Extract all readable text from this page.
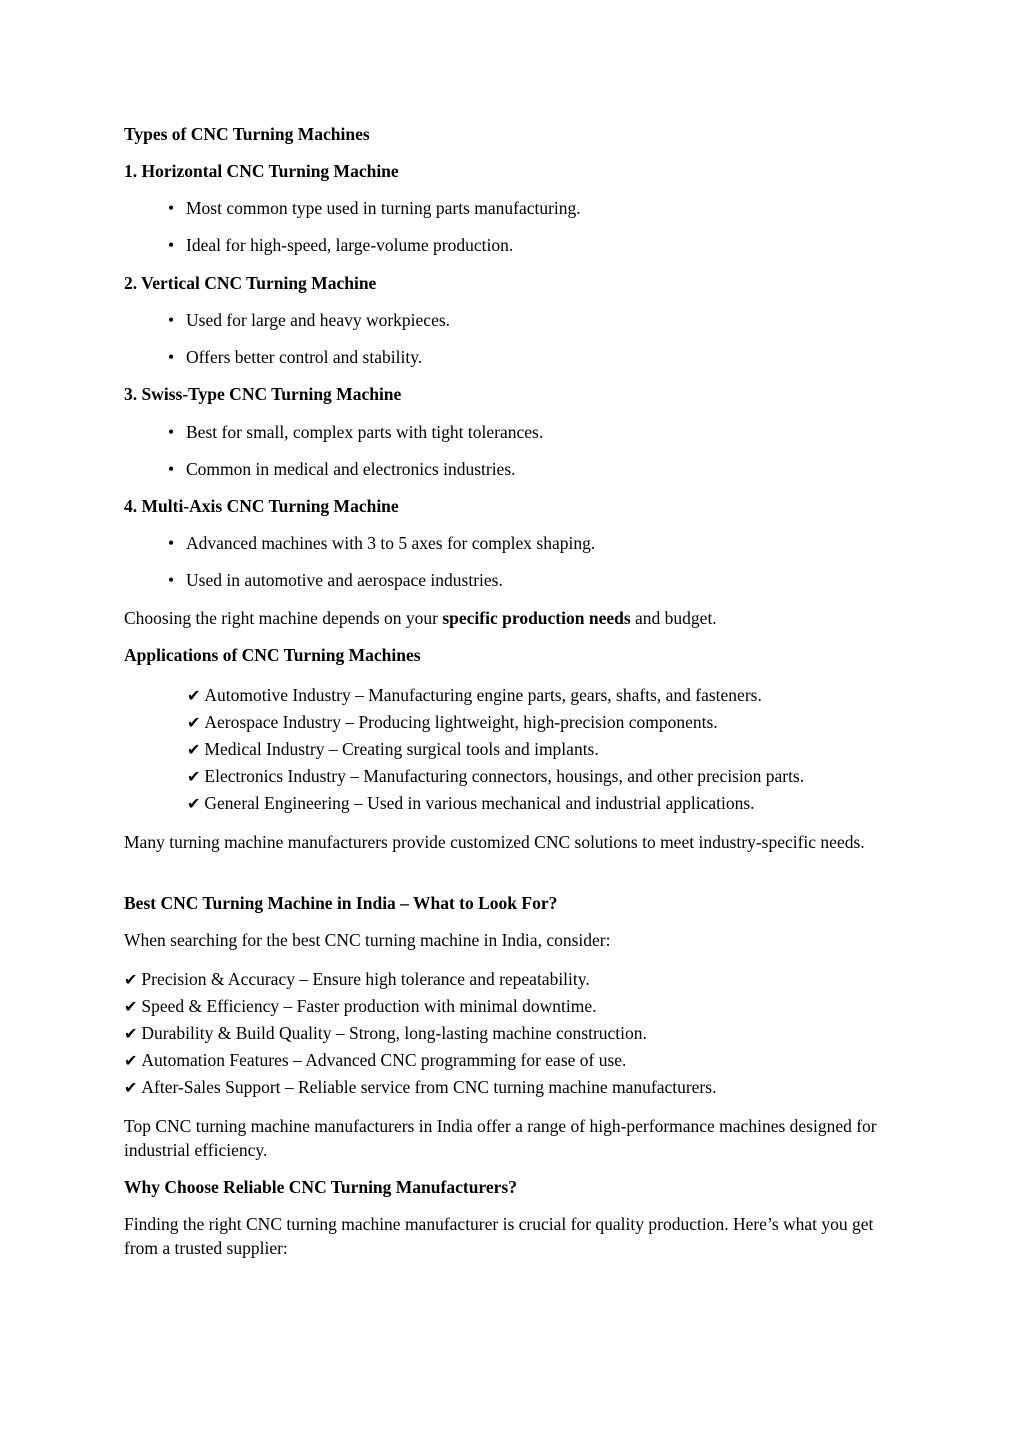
Types of CNC Turning Machines
1. Horizontal CNC Turning Machine
• Most common type used in turning parts manufacturing.
• Ideal for high-speed, large-volume production.
2. Vertical CNC Turning Machine
• Used for large and heavy workpieces.
• Offers better control and stability.
3. Swiss-Type CNC Turning Machine
• Best for small, complex parts with tight tolerances.
• Common in medical and electronics industries.
4. Multi-Axis CNC Turning Machine
• Advanced machines with 3 to 5 axes for complex shaping.
• Used in automotive and aerospace industries.
Choosing the right machine depends on your specific production needs and budget.
Applications of CNC Turning Machines
✔ Automotive Industry – Manufacturing engine parts, gears, shafts, and fasteners.
✔ Aerospace Industry – Producing lightweight, high-precision components.
✔ Medical Industry – Creating surgical tools and implants.
✔ Electronics Industry – Manufacturing connectors, housings, and other precision parts.
✔ General Engineering – Used in various mechanical and industrial applications.
Many turning machine manufacturers provide customized CNC solutions to meet industry-specific needs.
Best CNC Turning Machine in India – What to Look For?
When searching for the best CNC turning machine in India, consider:
✔ Precision & Accuracy – Ensure high tolerance and repeatability.
✔ Speed & Efficiency – Faster production with minimal downtime.
✔ Durability & Build Quality – Strong, long-lasting machine construction.
✔ Automation Features – Advanced CNC programming for ease of use.
✔ After-Sales Support – Reliable service from CNC turning machine manufacturers.
Top CNC turning machine manufacturers in India offer a range of high-performance machines designed for industrial efficiency.
Why Choose Reliable CNC Turning Manufacturers?
Finding the right CNC turning machine manufacturer is crucial for quality production. Here’s what you get from a trusted supplier:
